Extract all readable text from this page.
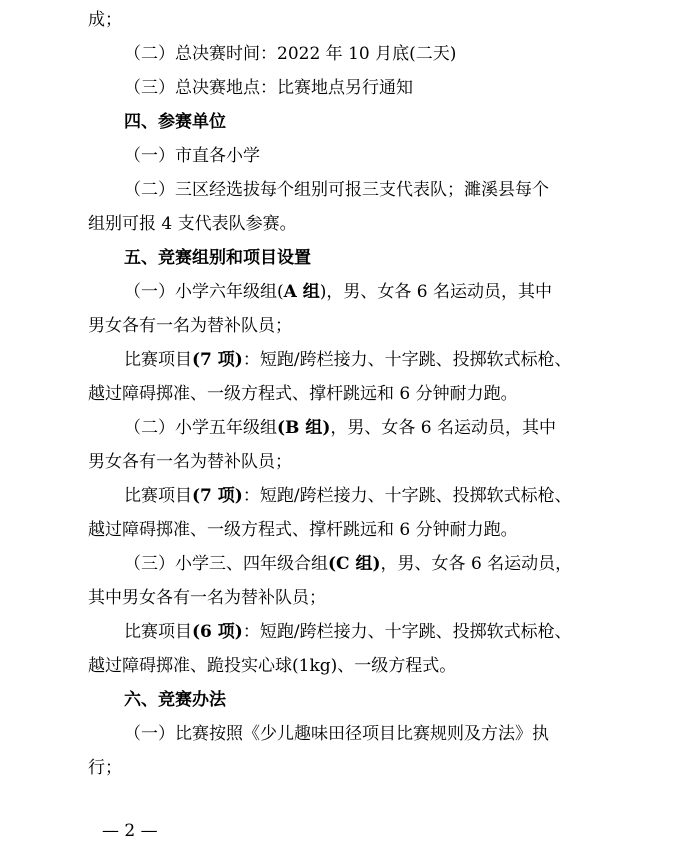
成；
（二）总决赛时间：2022 年 10 月底(二天)
（三）总决赛地点：比赛地点另行通知
四、参赛单位
（一）市直各小学
（二）三区经选拔每个组别可报三支代表队；濉溪县每个
组别可报 4 支代表队参赛。
五、竞赛组别和项目设置
（一）小学六年级组(A 组)，男、女各 6 名运动员，其中
男女各有一名为替补队员；
比赛项目(7 项)：短跑/跨栏接力、十字跳、投掷软式标枪、
越过障碍掷准、一级方程式、撑杆跳远和 6 分钟耐力跑。
（二）小学五年级组(B 组)，男、女各 6 名运动员，其中
男女各有一名为替补队员；
比赛项目(7 项)：短跑/跨栏接力、十字跳、投掷软式标枪、
越过障碍掷准、一级方程式、撑杆跳远和 6 分钟耐力跑。
（三）小学三、四年级合组(C 组)，男、女各 6 名运动员，
其中男女各有一名为替补队员；
比赛项目(6 项)：短跑/跨栏接力、十字跳、投掷软式标枪、
越过障碍掷准、跪投实心球(1kg)、一级方程式。
六、竞赛办法
（一）比赛按照《少儿趣味田径项目比赛规则及方法》执
行；
— 2 —
